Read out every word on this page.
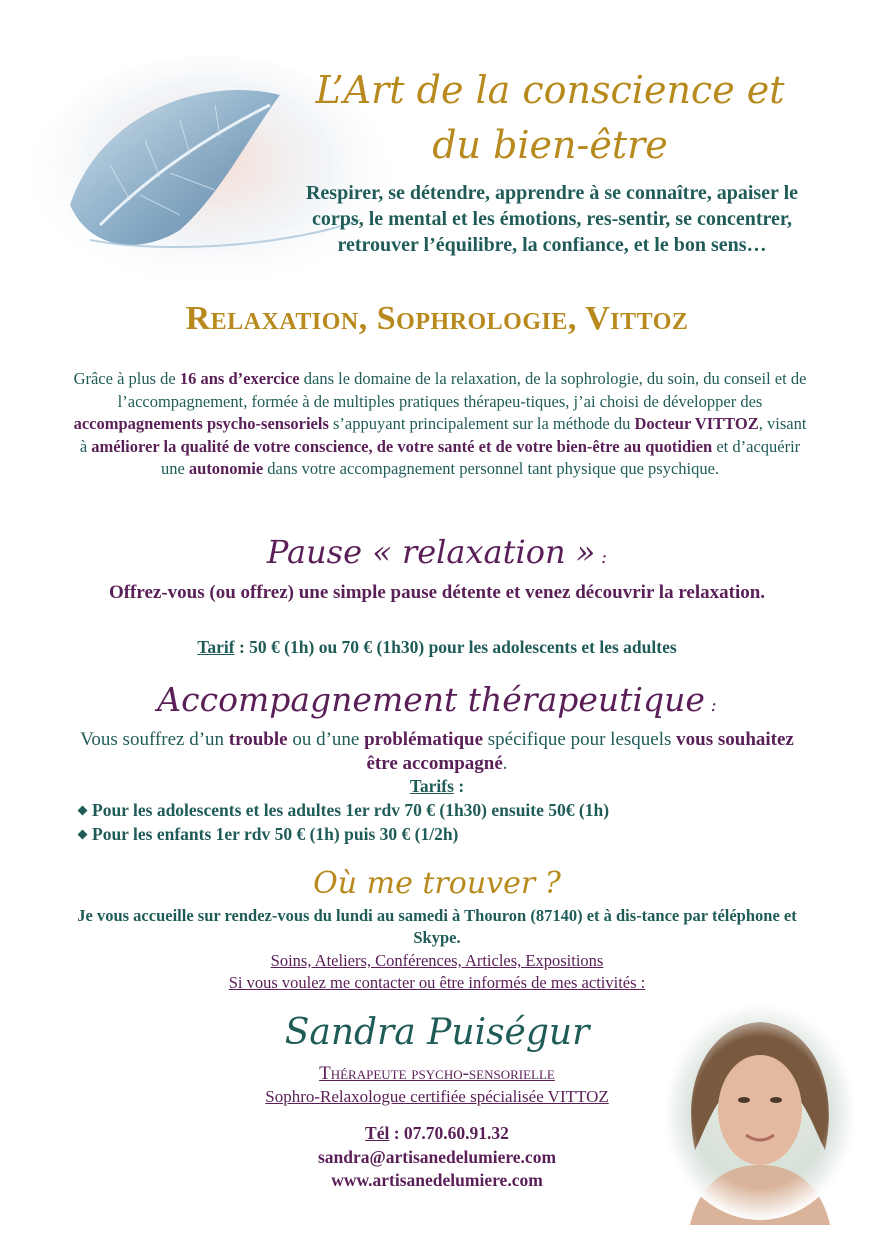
L’Art de la conscience et
du bien-être
Respirer, se détendre, apprendre à se connaître, apaiser le corps, le mental et les émotions, res-sentir, se concentrer, retrouver l’équilibre, la confiance, et le bon sens…
Relaxation, Sophrologie, Vittoz
Grâce à plus de 16 ans d’exercice dans le domaine de la relaxation, de la sophrologie, du soin, du conseil et de l’accompagnement, formée à de multiples pratiques thérapeu-tiques, j’ai choisi de développer des accompagnements psycho-sensoriels s’appuyant principalement sur la méthode du Docteur VITTOZ, visant à améliorer la qualité de votre conscience, de votre santé et de votre bien-être au quotidien et d’acquérir une autonomie dans votre accompagnement personnel tant physique que psychique.
Pause « relaxation » :
Offrez-vous (ou offrez) une simple pause détente et venez découvrir la relaxation.
Tarif : 50 € (1h) ou 70 € (1h30) pour les adolescents et les adultes
Accompagnement thérapeutique :
Vous souffrez d’un trouble ou d’une problématique spécifique pour lesquels vous souhaitez être accompagné.
Tarifs :
Pour les adolescents et les adultes 1er rdv 70 € (1h30) ensuite 50€ (1h)
Pour les enfants 1er rdv 50 € (1h) puis 30 € (1/2h)
Où me trouver ?
Je vous accueille sur rendez-vous du lundi au samedi à Thouron (87140) et à dis-tance par téléphone et Skype.
Soins, Ateliers, Conférences, Articles, Expositions
Si vous voulez me contacter ou être informés de mes activités :
Sandra Puiségur
Thérapeute psycho-sensorielle
Sophro-Relaxologue certifiée spécialisée VITTOZ
Tél : 07.70.60.91.32
sandra@artisanedelumiere.com
www.artisanedelumiere.com
